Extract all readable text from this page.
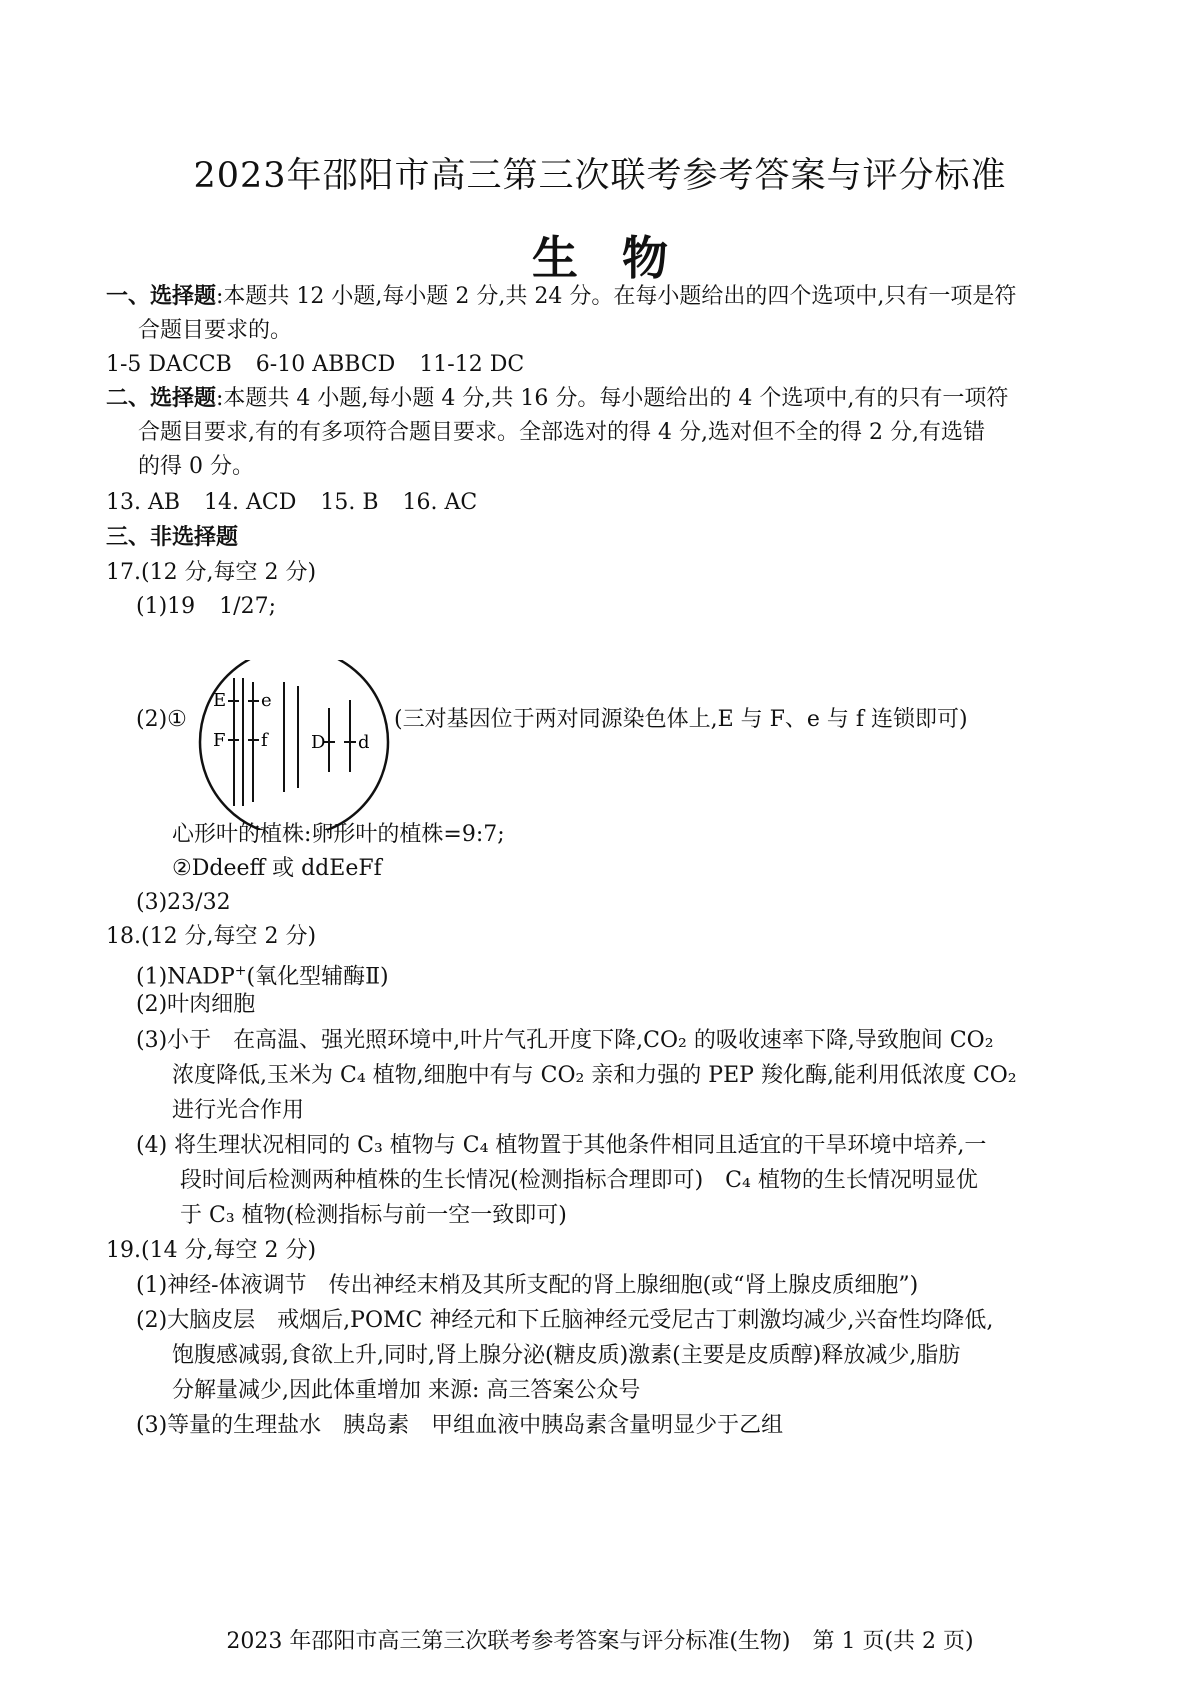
2023年邵阳市高三第三次联考参考答案与评分标准
生物
一、选择题:本题共 12 小题,每小题 2 分,共 24 分。在每小题给出的四个选项中,只有一项是符
合题目要求的。
1-5 DACCB 6-10 ABBCD 11-12 DC
二、选择题:本题共 4 小题,每小题 4 分,共 16 分。每小题给出的 4 个选项中,有的只有一项符
合题目要求,有的有多项符合题目要求。全部选对的得 4 分,选对但不全的得 2 分,有选错
的得 0 分。
13. AB 14. ACD 15. B 16. AC
三、非选择题
17.(12 分,每空 2 分)
(1)19 1/27;
(2)①
E e
F f D d
(三对基因位于两对同源染色体上,E 与 F、e 与 f 连锁即可)
心形叶的植株:卵形叶的植株=9:7;
②Ddeeff 或 ddEeFf
(3)23/32
18.(12 分,每空 2 分)
(1)NADP+(氧化型辅酶Ⅱ)
(2)叶肉细胞
(3)小于　在高温、强光照环境中,叶片气孔开度下降,CO₂ 的吸收速率下降,导致胞间 CO₂
浓度降低,玉米为 C₄ 植物,细胞中有与 CO₂ 亲和力强的 PEP 羧化酶,能利用低浓度 CO₂
进行光合作用
(4) 将生理状况相同的 C₃ 植物与 C₄ 植物置于其他条件相同且适宜的干旱环境中培养,一
段时间后检测两种植株的生长情况(检测指标合理即可)　C₄ 植物的生长情况明显优
于 C₃ 植物(检测指标与前一空一致即可)
19.(14 分,每空 2 分)
(1)神经-体液调节　传出神经末梢及其所支配的肾上腺细胞(或“肾上腺皮质细胞”)
(2)大脑皮层　戒烟后,POMC 神经元和下丘脑神经元受尼古丁刺激均减少,兴奋性均降低,
饱腹感减弱,食欲上升,同时,肾上腺分泌(糖皮质)激素(主要是皮质醇)释放减少,脂肪
分解量减少,因此体重增加 来源: 高三答案公众号
(3)等量的生理盐水　胰岛素　甲组血液中胰岛素含量明显少于乙组
2023 年邵阳市高三第三次联考参考答案与评分标准(生物)　第 1 页(共 2 页)
